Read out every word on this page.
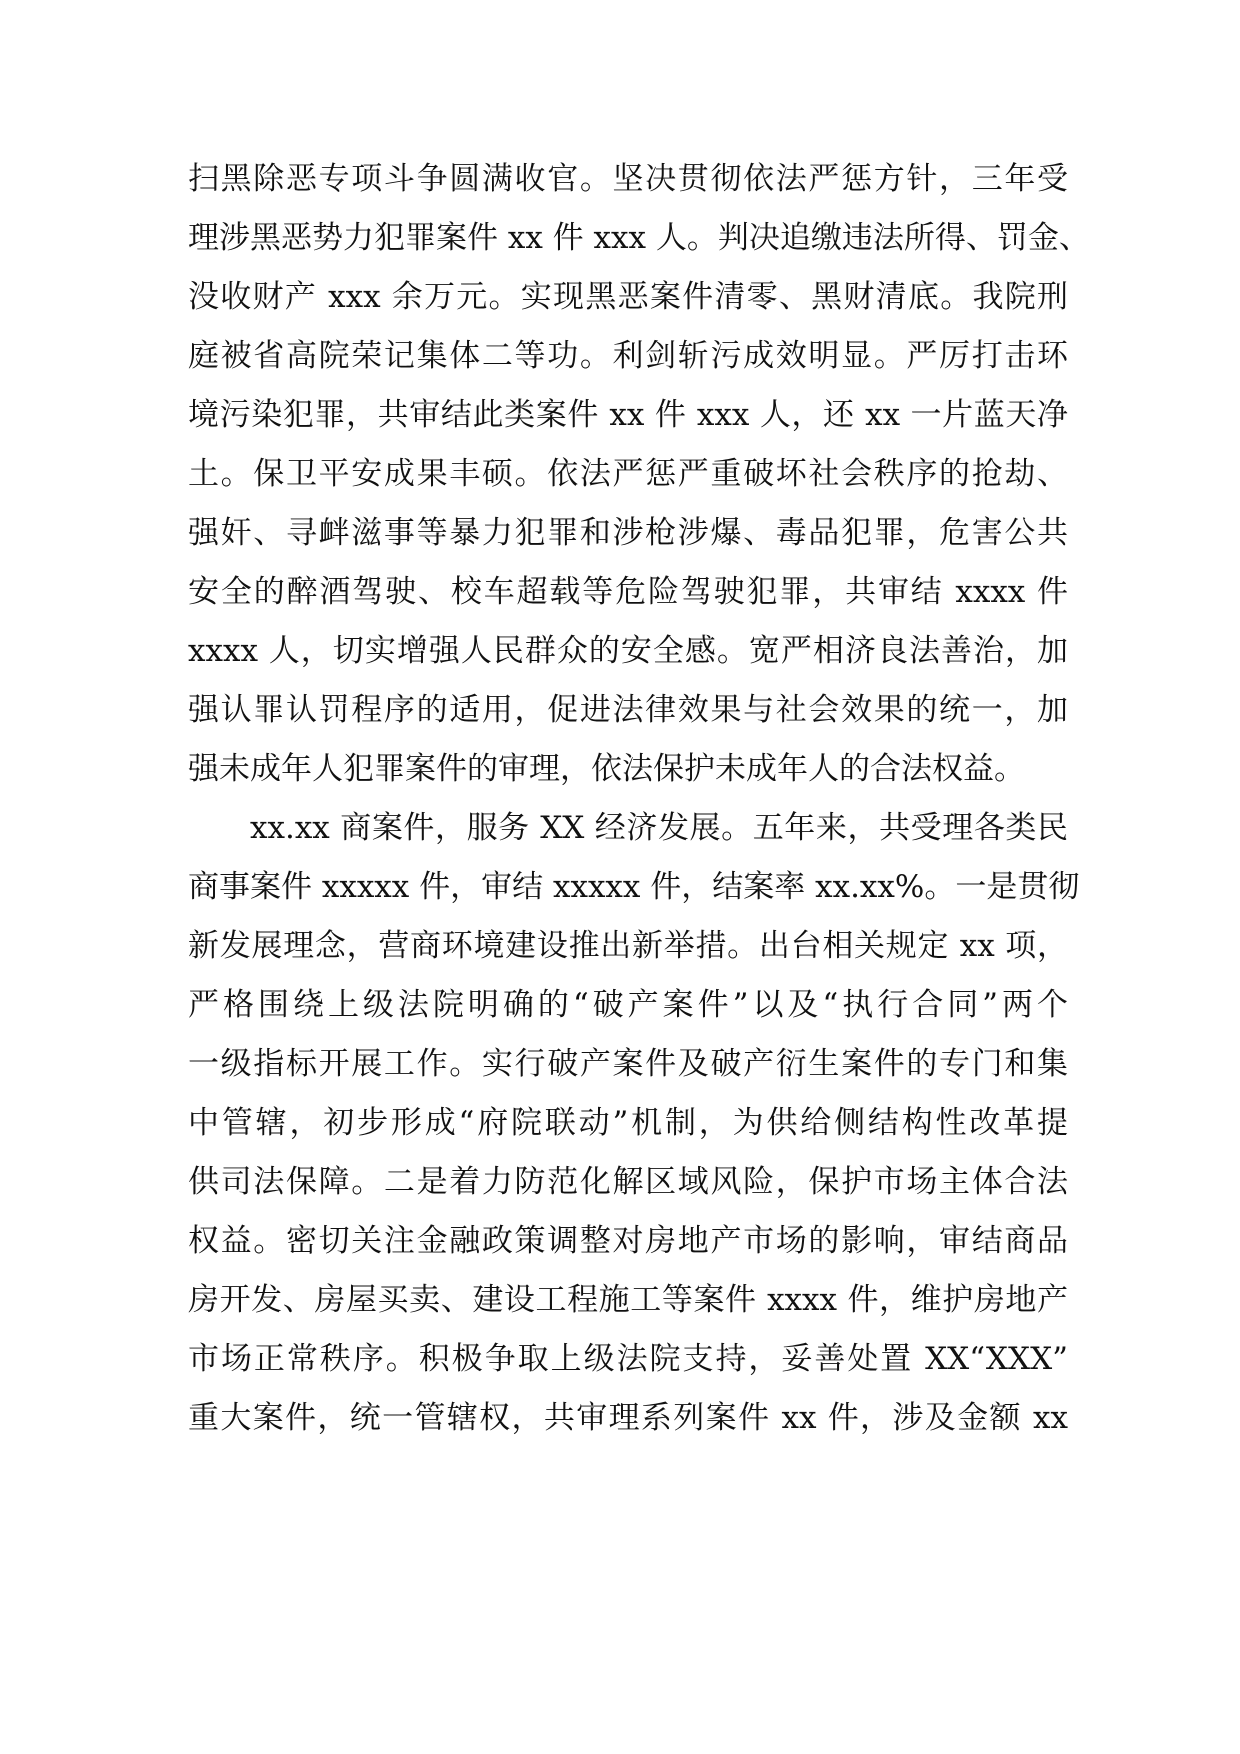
扫黑除恶专项斗争圆满收官。坚决贯彻依法严惩方针，三年受
理涉黑恶势力犯罪案件 xx 件 xxx 人。判决追缴违法所得、罚金、
没收财产 xxx 余万元。实现黑恶案件清零、黑财清底。我院刑
庭被省高院荣记集体二等功。利剑斩污成效明显。严厉打击环
境污染犯罪，共审结此类案件 xx 件 xxx 人，还 xx 一片蓝天净
土。保卫平安成果丰硕。依法严惩严重破坏社会秩序的抢劫、
强奸、寻衅滋事等暴力犯罪和涉枪涉爆、毒品犯罪，危害公共
安全的醉酒驾驶、校车超载等危险驾驶犯罪，共审结 xxxx 件
xxxx 人，切实增强人民群众的安全感。宽严相济良法善治，加
强认罪认罚程序的适用，促进法律效果与社会效果的统一，加
强未成年人犯罪案件的审理，依法保护未成年人的合法权益。
xx.xx 商案件，服务 XX 经济发展。五年来，共受理各类民
商事案件 xxxxx 件，审结 xxxxx 件，结案率 xx.xx%。一是贯彻
新发展理念，营商环境建设推出新举措。出台相关规定 xx 项，
严格围绕上级法院明确的“破产案件”以及“执行合同”两个
一级指标开展工作。实行破产案件及破产衍生案件的专门和集
中管辖，初步形成“府院联动”机制，为供给侧结构性改革提
供司法保障。二是着力防范化解区域风险，保护市场主体合法
权益。密切关注金融政策调整对房地产市场的影响，审结商品
房开发、房屋买卖、建设工程施工等案件 xxxx 件，维护房地产
市场正常秩序。积极争取上级法院支持，妥善处置 XX“XXX”
重大案件，统一管辖权，共审理系列案件 xx 件，涉及金额 xx
